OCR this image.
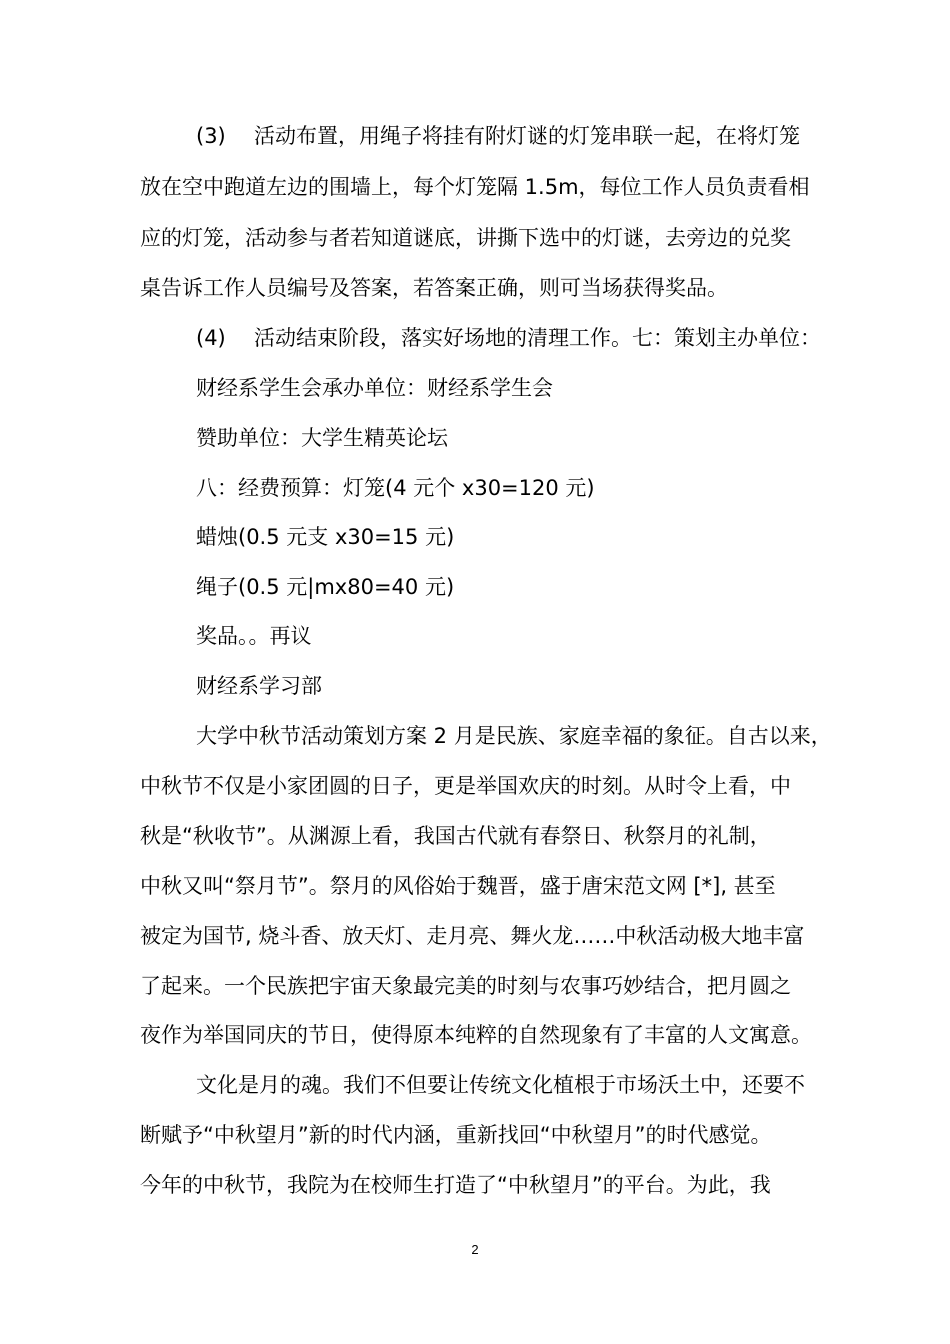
(3) 活动布置，用绳子将挂有附灯谜的灯笼串联一起，在将灯笼
放在空中跑道左边的围墙上，每个灯笼隔 1.5m，每位工作人员负责看相
应的灯笼，活动参与者若知道谜底，讲撕下选中的灯谜，去旁边的兑奖
桌告诉工作人员编号及答案，若答案正确，则可当场获得奖品。
(4) 活动结束阶段，落实好场地的清理工作。七：策划主办单位：
财经系学生会承办单位：财经系学生会
赞助单位：大学生精英论坛
八：经费预算：灯笼(4 元个 x30=120 元)
蜡烛(0.5 元支 x30=15 元)
绳子(0.5 元|mx80=40 元)
奖品。。再议
财经系学习部
大学中秋节活动策划方案 2 月是民族、家庭幸福的象征。自古以来，
中秋节不仅是小家团圆的日子，更是举国欢庆的时刻。从时令上看，中
秋是“秋收节”。从渊源上看，我国古代就有春祭日、秋祭月的礼制，
中秋又叫“祭月节”。祭月的风俗始于魏晋，盛于唐宋范文网 [*], 甚至
被定为国节, 烧斗香、放天灯、走月亮、舞火龙……中秋活动极大地丰富
了起来。一个民族把宇宙天象最完美的时刻与农事巧妙结合，把月圆之
夜作为举国同庆的节日，使得原本纯粹的自然现象有了丰富的人文寓意。
文化是月的魂。我们不但要让传统文化植根于市场沃土中，还要不
断赋予“中秋望月”新的时代内涵，重新找回“中秋望月”的时代感觉。
今年的中秋节，我院为在校师生打造了“中秋望月”的平台。为此，我
2
